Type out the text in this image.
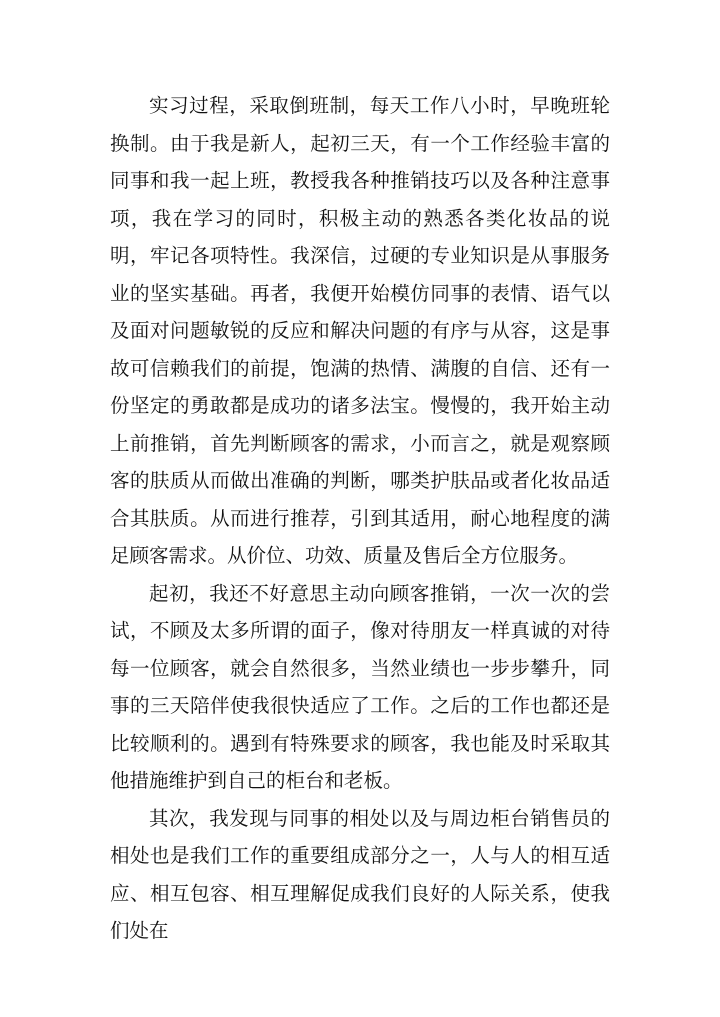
实习过程，采取倒班制，每天工作八小时，早晚班轮换制。由于我是新人，起初三天，有一个工作经验丰富的同事和我一起上班，教授我各种推销技巧以及各种注意事项，我在学习的同时，积极主动的熟悉各类化妆品的说明，牢记各项特性。我深信，过硬的专业知识是从事服务业的坚实基础。再者，我便开始模仿同事的表情、语气以及面对问题敏锐的反应和解决问题的有序与从容，这是事故可信赖我们的前提，饱满的热情、满腹的自信、还有一份坚定的勇敢都是成功的诸多法宝。慢慢的，我开始主动上前推销，首先判断顾客的需求，小而言之，就是观察顾客的肤质从而做出准确的判断，哪类护肤品或者化妆品适合其肤质。从而进行推荐，引到其适用，耐心地程度的满足顾客需求。从价位、功效、质量及售后全方位服务。

起初，我还不好意思主动向顾客推销，一次一次的尝试，不顾及太多所谓的面子，像对待朋友一样真诚的对待每一位顾客，就会自然很多，当然业绩也一步步攀升，同事的三天陪伴使我很快适应了工作。之后的工作也都还是比较顺利的。遇到有特殊要求的顾客，我也能及时采取其他措施维护到自己的柜台和老板。

其次，我发现与同事的相处以及与周边柜台销售员的相处也是我们工作的重要组成部分之一，人与人的相互适应、相互包容、相互理解促成我们良好的人际关系，使我们处在
